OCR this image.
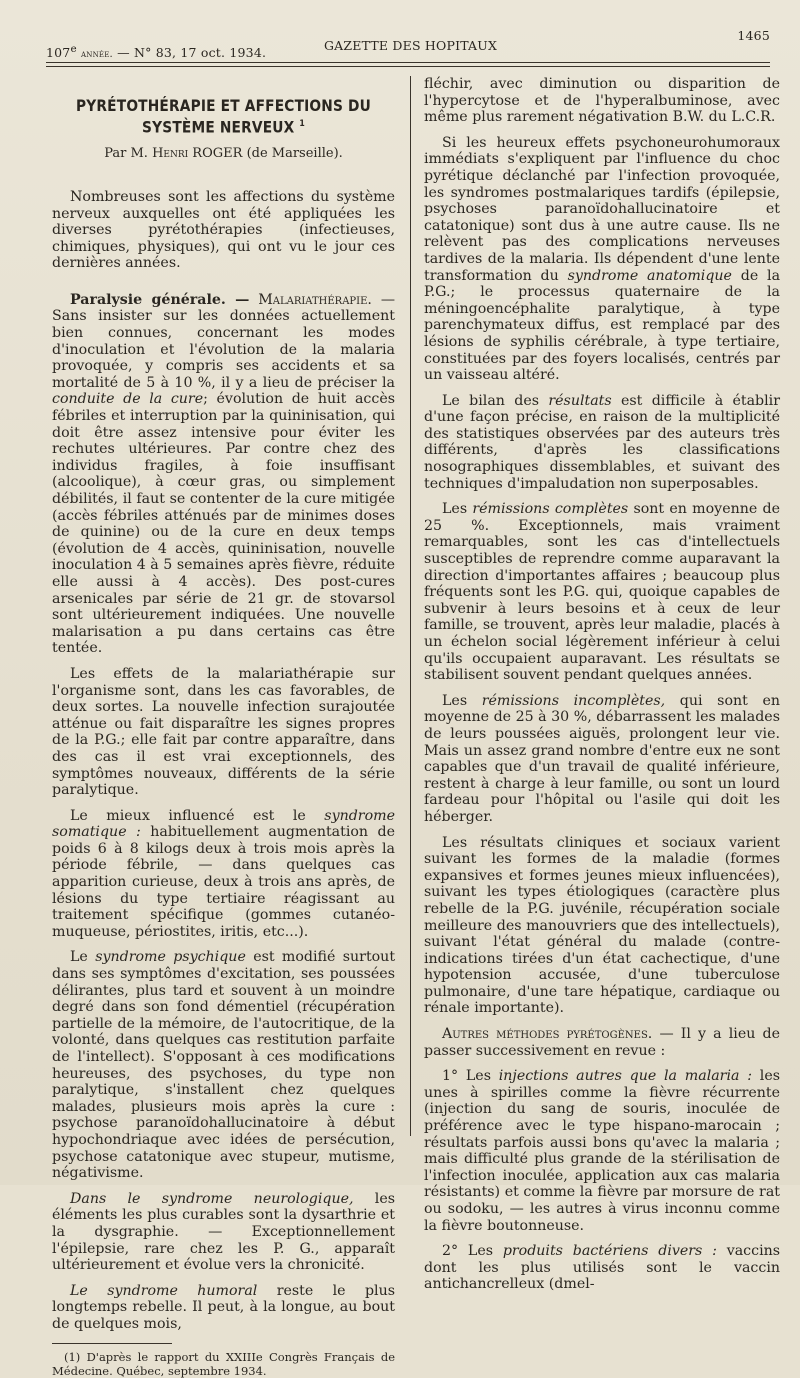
107e année. — N° 83, 17 oct. 1934.	GAZETTE DES HOPITAUX
1465
PYRÉTOTHÉRAPIE ET AFFECTIONS DU SYSTÈME NERVEUX $^1$
Par M. Henri ROGER (de Marseille).

Nombreuses sont les affections du système nerveux auxquelles ont été appliquées les diverses pyrétothérapies (infectieuses, chimiques, physiques), qui ont vu le jour ces dernières années.

Paralysie générale. — Malariathérapie. — Sans insister sur les données actuellement bien connues, concernant les modes d'inoculation et l'évolution de la malaria provoquée, y compris ses accidents et sa mortalité de 5 à 10 %, il y a lieu de préciser la conduite de la cure; évolution de huit accès fébriles et interruption par la quininisation, qui doit être assez intensive pour éviter les rechutes ultérieures. Par contre chez des individus fragiles, à foie insuffisant (alcoolique), à cœur gras, ou simplement débilités, il faut se contenter de la cure mitigée (accès fébriles atténués par de minimes doses de quinine) ou de la cure en deux temps (évolution de 4 accès, quininisation, nouvelle inoculation 4 à 5 semaines après fièvre, réduite elle aussi à 4 accès). Des post-cures arsenicales par série de 21 gr. de stovarsol sont ultérieurement indiquées. Une nouvelle malarisation a pu dans certains cas être tentée.

Les effets de la malariathérapie sur l'organisme sont, dans les cas favorables, de deux sortes. La nouvelle infection surajoutée atténue ou fait disparaître les signes propres de la P.G.; elle fait par contre apparaître, dans des cas il est vrai exceptionnels, des symptômes nouveaux, différents de la série paralytique.

Le mieux influencé est le syndrome somatique : habituellement augmentation de poids 6 à 8 kilogs deux à trois mois après la période fébrile, — dans quelques cas apparition curieuse, deux à trois ans après, de lésions du type tertiaire réagissant au traitement spécifique (gommes cutanéo-muqueuse, périostites, iritis, etc...).

Le syndrome psychique est modifié surtout dans ses symptômes d'excitation, ses poussées délirantes, plus tard et souvent à un moindre degré dans son fond démentiel (récupération partielle de la mémoire, de l'autocritique, de la volonté, dans quelques cas restitution parfaite de l'intellect). S'opposant à ces modifications heureuses, des psychoses, du type non paralytique, s'installent chez quelques malades, plusieurs mois après la cure : psychose paranoïdohallucinatoire à début hypochondriaque avec idées de persécution, psychose catatonique avec stupeur, mutisme, négativisme.

Dans le syndrome neurologique, les éléments les plus curables sont la dysarthrie et la dysgraphie. — Exceptionnellement l'épilepsie, rare chez les P. G., apparaît ultérieurement et évolue vers la chronicité.

Le syndrome humoral reste le plus longtemps rebelle. Il peut, à la longue, au bout de quelques mois,

(1) D'après le rapport du XXIIIe Congrès Français de Médecine. Québec, septembre 1934.

fléchir, avec diminution ou disparition de l'hypercytose et de l'hyperalbuminose, avec même plus rarement négativation B.W. du L.C.R.

Si les heureux effets psychoneurohumoraux immédiats s'expliquent par l'influence du choc pyrétique déclanché par l'infection provoquée, les syndromes postmalariques tardifs (épilepsie, psychoses paranoïdohallucinatoire et catatonique) sont dus à une autre cause. Ils ne relèvent pas des complications nerveuses tardives de la malaria. Ils dépendent d'une lente transformation du syndrome anatomique de la P.G.; le processus quaternaire de la méningoencéphalite paralytique, à type parenchymateux diffus, est remplacé par des lésions de syphilis cérébrale, à type tertiaire, constituées par des foyers localisés, centrés par un vaisseau altéré.

Le bilan des résultats est difficile à établir d'une façon précise, en raison de la multiplicité des statistiques observées par des auteurs très différents, d'après les classifications nosographiques dissemblables, et suivant des techniques d'impaludation non superposables.

Les rémissions complètes sont en moyenne de 25 %. Exceptionnels, mais vraiment remarquables, sont les cas d'intellectuels susceptibles de reprendre comme auparavant la direction d'importantes affaires ; beaucoup plus fréquents sont les P.G. qui, quoique capables de subvenir à leurs besoins et à ceux de leur famille, se trouvent, après leur maladie, placés à un échelon social légèrement inférieur à celui qu'ils occupaient auparavant. Les résultats se stabilisent souvent pendant quelques années.

Les rémissions incomplètes, qui sont en moyenne de 25 à 30 %, débarrassent les malades de leurs poussées aiguës, prolongent leur vie. Mais un assez grand nombre d'entre eux ne sont capables que d'un travail de qualité inférieure, restent à charge à leur famille, ou sont un lourd fardeau pour l'hôpital ou l'asile qui doit les héberger.

Les résultats cliniques et sociaux varient suivant les formes de la maladie (formes expansives et formes jeunes mieux influencées), suivant les types étiologiques (caractère plus rebelle de la P.G. juvénile, récupération sociale meilleure des manouvriers que des intellectuels), suivant l'état général du malade (contre-indications tirées d'un état cachectique, d'une hypotension accusée, d'une tuberculose pulmonaire, d'une tare hépatique, cardiaque ou rénale importante).

Autres méthodes pyrétogènes. — Il y a lieu de passer successivement en revue :

1° Les injections autres que la malaria : les unes à spirilles comme la fièvre récurrente (injection du sang de souris, inoculée de préférence avec le type hispano-marocain ; résultats parfois aussi bons qu'avec la malaria ; mais difficulté plus grande de la stérilisation de l'infection inoculée, application aux cas malaria résistants) et comme la fièvre par morsure de rat ou sodoku, — les autres à virus inconnu comme la fièvre boutonneuse.

2° Les produits bactériens divers : vaccins dont les plus utilisés sont le vaccin antichancrelleux (dmel-
